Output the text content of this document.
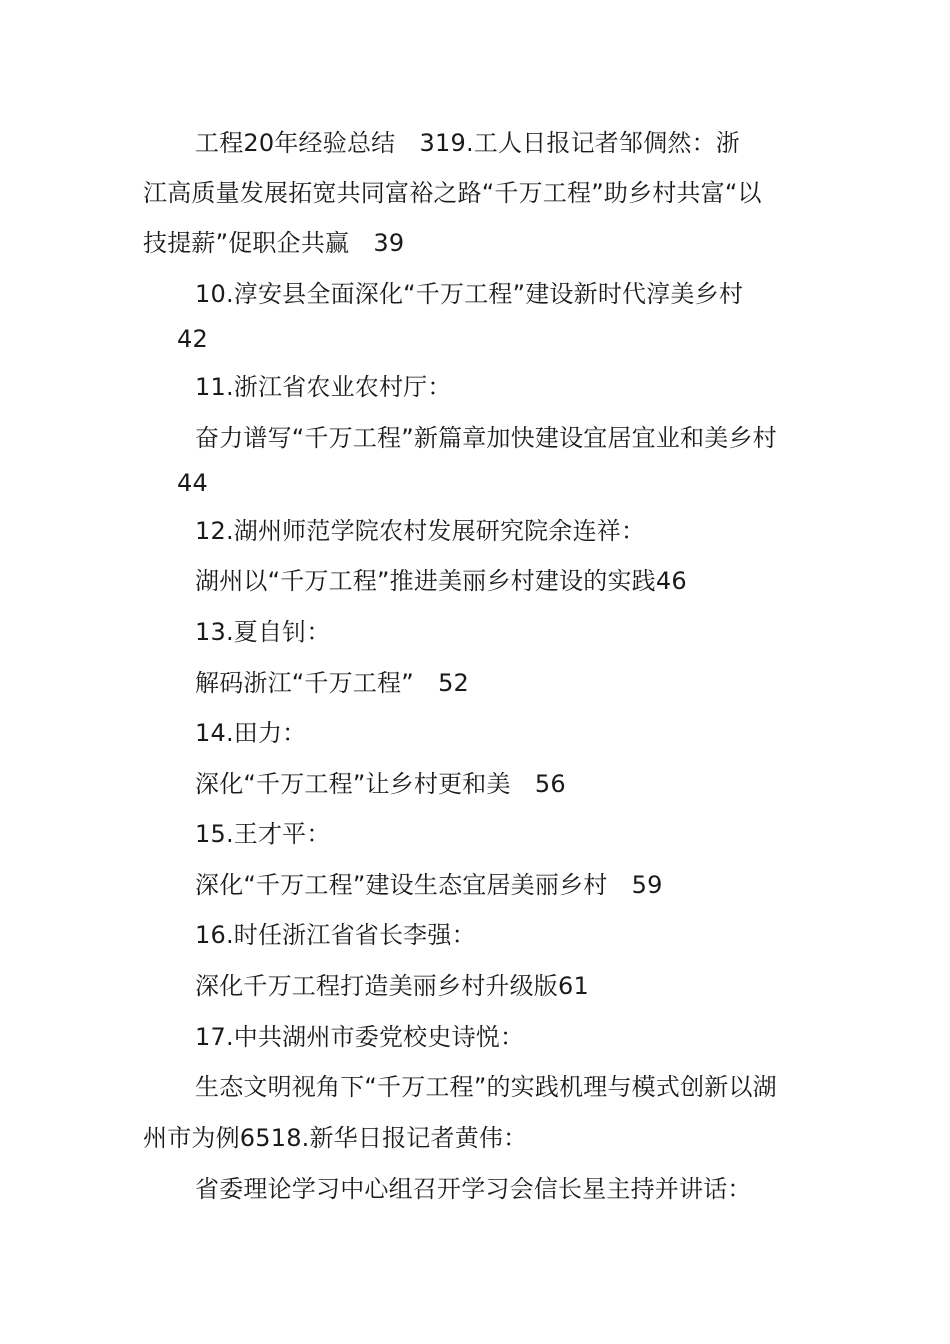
工程20年经验总结　319.工人日报记者邹倜然：浙
江高质量发展拓宽共同富裕之路“千万工程”助乡村共富“以
技提薪”促职企共赢　39
10.淳安县全面深化“千万工程”建设新时代淳美乡村
42
11.浙江省农业农村厅：
奋力谱写“千万工程”新篇章加快建设宜居宜业和美乡村
44
12.湖州师范学院农村发展研究院余连祥：
湖州以“千万工程”推进美丽乡村建设的实践46
13.夏自钊：
解码浙江“千万工程”　52
14.田力：
深化“千万工程”让乡村更和美　56
15.王才平：
深化“千万工程”建设生态宜居美丽乡村　59
16.时任浙江省省长李强：
深化千万工程打造美丽乡村升级版61
17.中共湖州市委党校史诗悦：
生态文明视角下“千万工程”的实践机理与模式创新以湖
州市为例6518.新华日报记者黄伟：
省委理论学习中心组召开学习会信长星主持并讲话：
